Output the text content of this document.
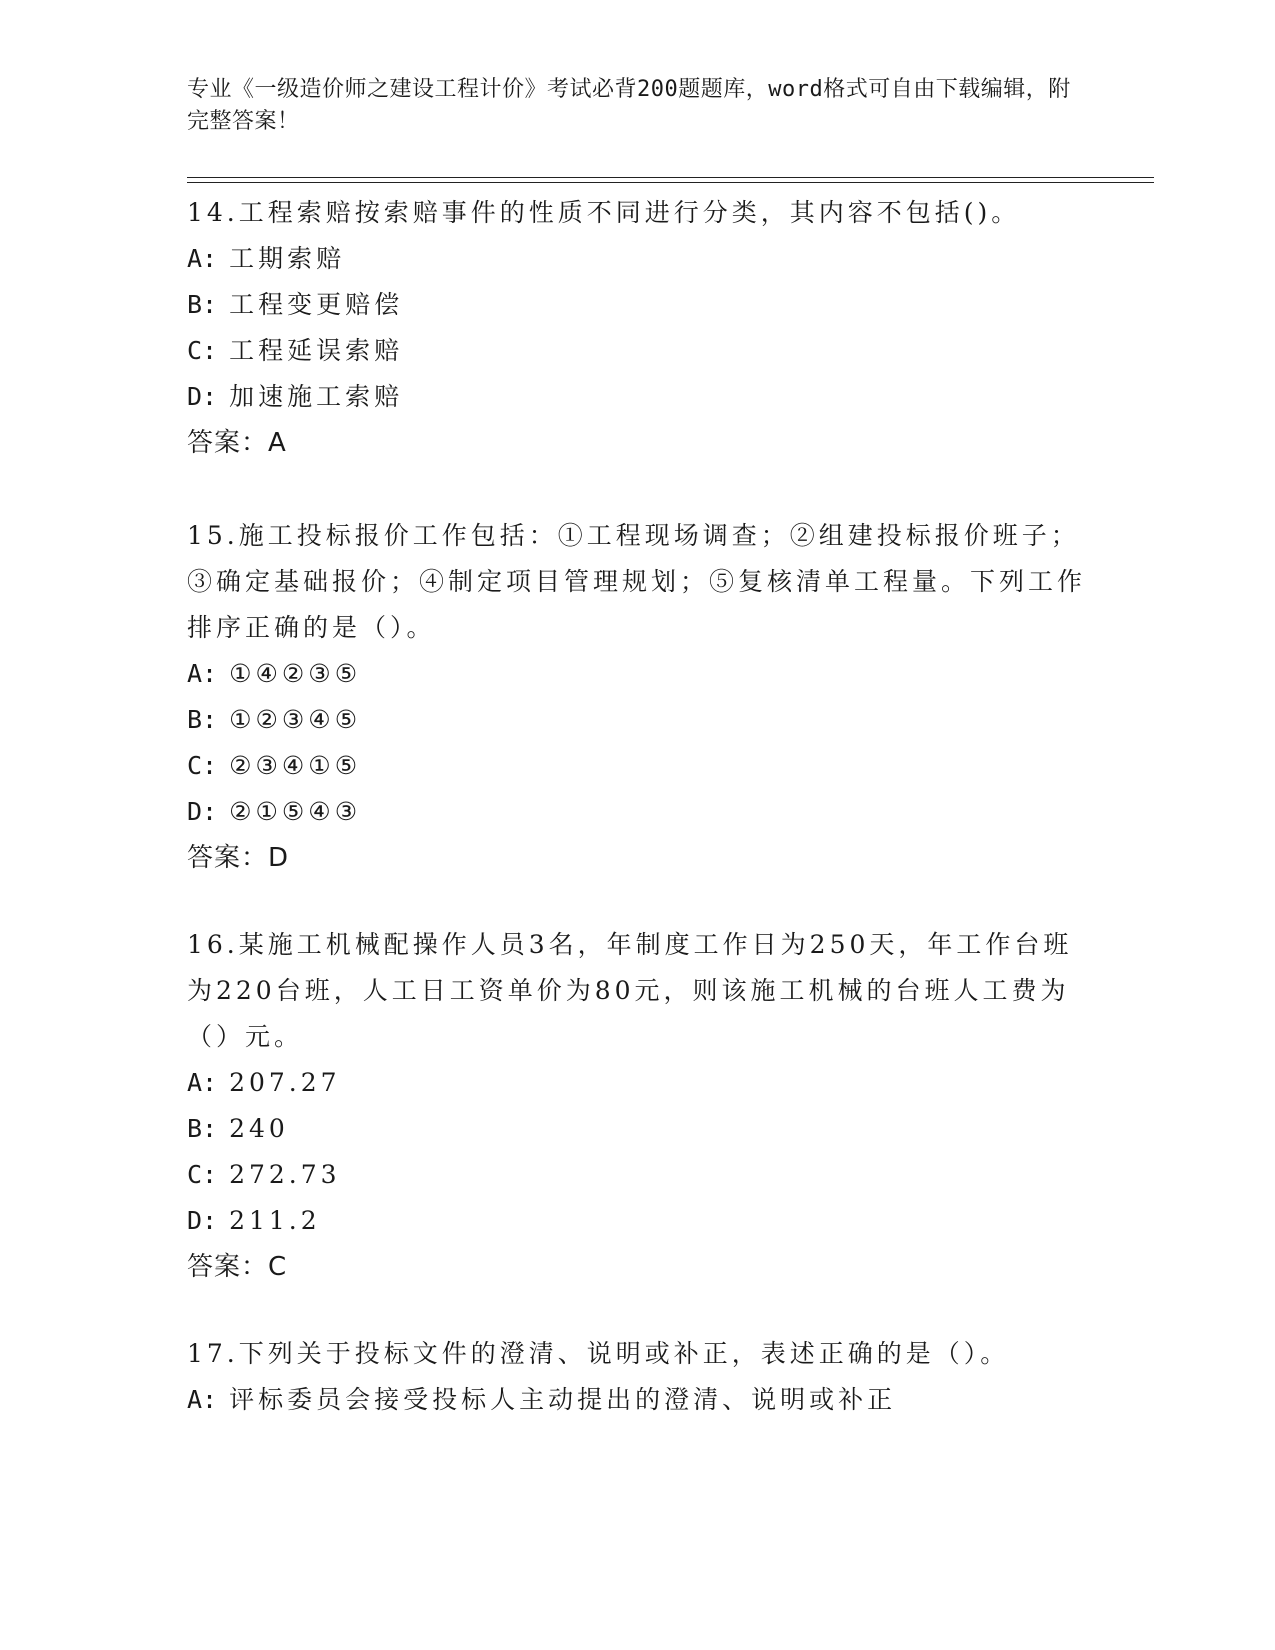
专业《一级造价师之建设工程计价》考试必背200题题库，word格式可自由下载编辑，附完整答案！

14.工程索赔按索赔事件的性质不同进行分类，其内容不包括()。

A: 工期索赔

B: 工程变更赔偿

C: 工程延误索赔

D: 加速施工索赔

答案：A

15.施工投标报价工作包括：①工程现场调查；②组建投标报价班子；③确定基础报价；④制定项目管理规划；⑤复核清单工程量。下列工作排序正确的是（）。

A: ①④②③⑤

B: ①②③④⑤

C: ②③④①⑤

D: ②①⑤④③

答案：D

16.某施工机械配操作人员3名，年制度工作日为250天，年工作台班为220台班，人工日工资单价为80元，则该施工机械的台班人工费为（）元。

A: 207.27

B: 240

C: 272.73

D: 211.2

答案：C

17.下列关于投标文件的澄清、说明或补正，表述正确的是（）。

A: 评标委员会接受投标人主动提出的澄清、说明或补正
